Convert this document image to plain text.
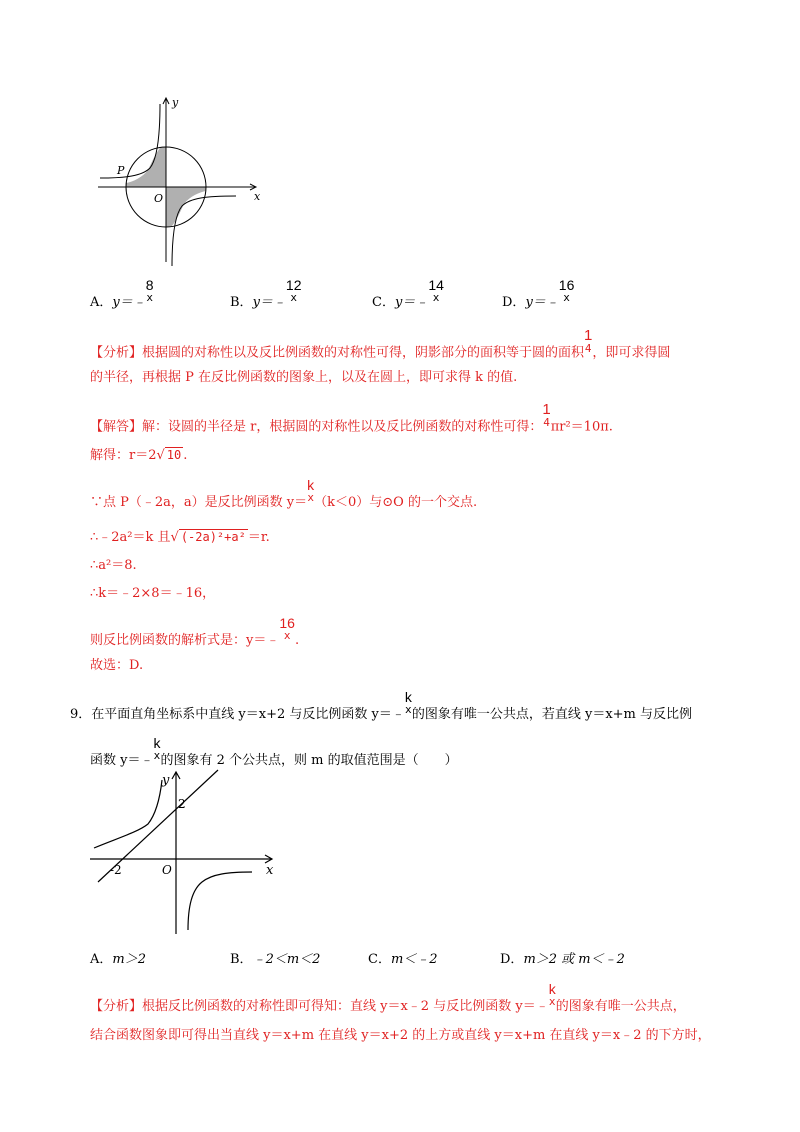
y
x
O
P
A．y＝﹣
8
x	B．y＝﹣
12
x	C．y＝﹣
14
x	D．y＝﹣
16
x
【分析】根据圆的对称性以及反比例函数的对称性可得，阴影部分的面积等于圆的面积
1
4 ，即可求得圆
的半径，再根据 P 在反比例函数的图象上，以及在圆上，即可求得 k 的值.
【解答】解：设圆的半径是 r，根据圆的对称性以及反比例函数的对称性可得：
1
4 πr²＝10π.
解得：r＝2√ 10 .
∵点 P（﹣2a，a）是反比例函数 y＝
k
x （k＜0）与⊙O 的一个交点.
∴﹣2a²＝k 且√ (-2a)²+a² ＝r.
∴a²＝8.
∴k＝﹣2×8＝﹣16，
则反比例函数的解析式是：y＝﹣
16
x .
故选：D.
9．在平面直角坐标系中直线 y＝x+2 与反比例函数 y＝﹣
k
x 的图象有唯一公共点，若直线 y＝x+m 与反比例
函数 y＝﹣
k
x 的图象有 2 个公共点，则 m 的取值范围是（　　）
y
x
O
2
-2
A．m＞2	B．﹣2＜m＜2	C．m＜﹣2	D．m＞2 或 m＜﹣2
【分析】根据反比例函数的对称性即可得知：直线 y＝x﹣2 与反比例函数 y＝﹣
k
x 的图象有唯一公共点，
结合函数图象即可得出当直线 y＝x+m 在直线 y＝x+2 的上方或直线 y＝x+m 在直线 y＝x﹣2 的下方时，
